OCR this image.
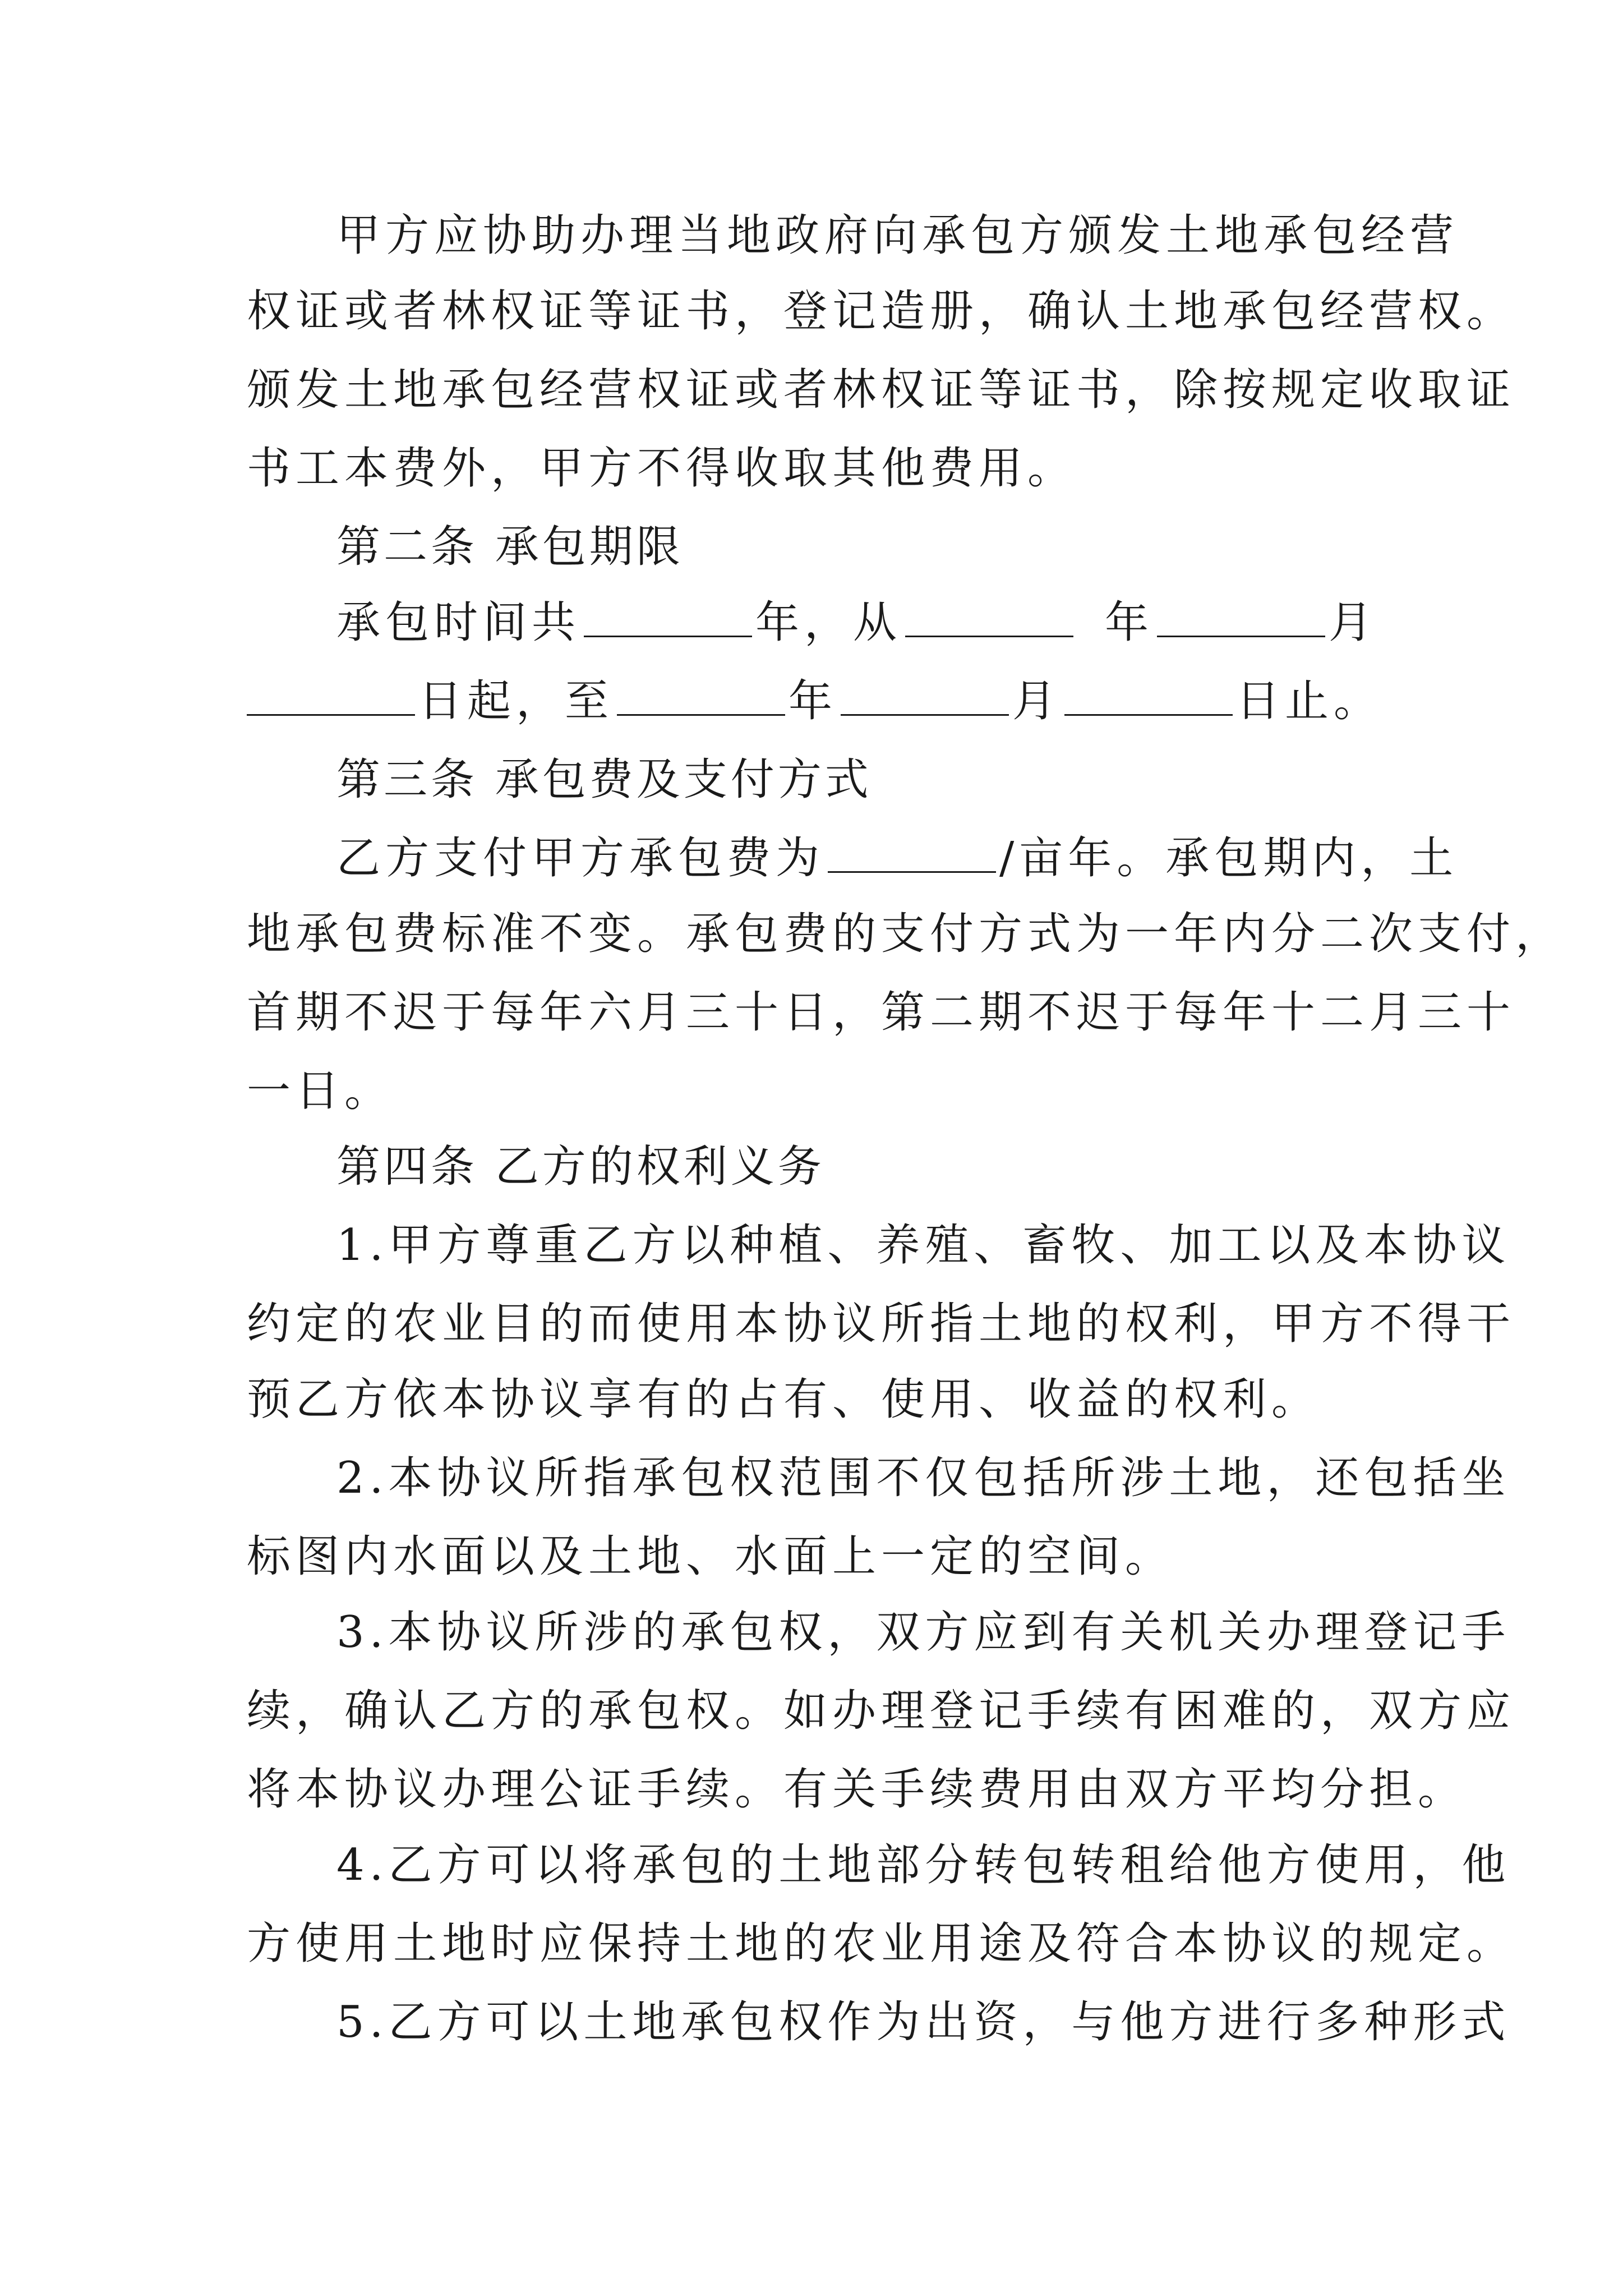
甲方应协助办理当地政府向承包方颁发土地承包经营
权证或者林权证等证书，登记造册，确认土地承包经营权。
颁发土地承包经营权证或者林权证等证书，除按规定收取证
书工本费外，甲方不得收取其他费用。
第二条 承包期限
承包时间共	年，从	年	月
日起，至	年	月	日止。
第三条 承包费及支付方式
乙方支付甲方承包费为	/亩年。承包期内，土
地承包费标准不变。承包费的支付方式为一年内分二次支付，
首期不迟于每年六月三十日，第二期不迟于每年十二月三十
一日。
第四条 乙方的权利义务
1.甲方尊重乙方以种植、养殖、畜牧、加工以及本协议
约定的农业目的而使用本协议所指土地的权利，甲方不得干
预乙方依本协议享有的占有、使用、收益的权利。
2.本协议所指承包权范围不仅包括所涉土地，还包括坐
标图内水面以及土地、水面上一定的空间。
3.本协议所涉的承包权，双方应到有关机关办理登记手
续，确认乙方的承包权。如办理登记手续有困难的，双方应
将本协议办理公证手续。有关手续费用由双方平均分担。
4.乙方可以将承包的土地部分转包转租给他方使用，他
方使用土地时应保持土地的农业用途及符合本协议的规定。
5.乙方可以土地承包权作为出资，与他方进行多种形式
